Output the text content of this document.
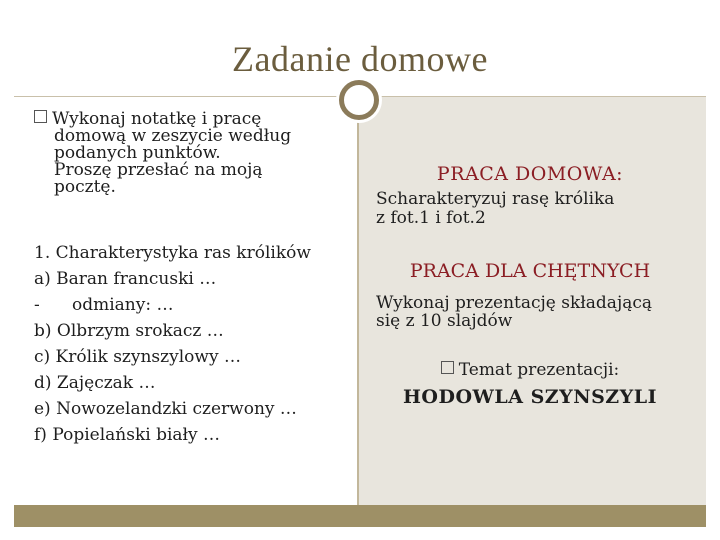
Zadanie domowe
Wykonaj notatkę i pracę
domową w zeszycie według
podanych punktów.
Proszę przesłać na moją
pocztę.
1. Charakterystyka ras królików
a) Baran francuski …
- odmiany: …
b) Olbrzym srokacz …
c) Królik szynszylowy …
d) Zajęczak …
e) Nowozelandzki czerwony …
f) Popielański biały …
PRACA DOMOWA:
Scharakteryzuj rasę królika
z fot.1 i fot.2
PRACA DLA CHĘTNYCH
Wykonaj prezentację składającą
się z 10 slajdów
Temat prezentacji:
HODOWLA SZYNSZYLI
